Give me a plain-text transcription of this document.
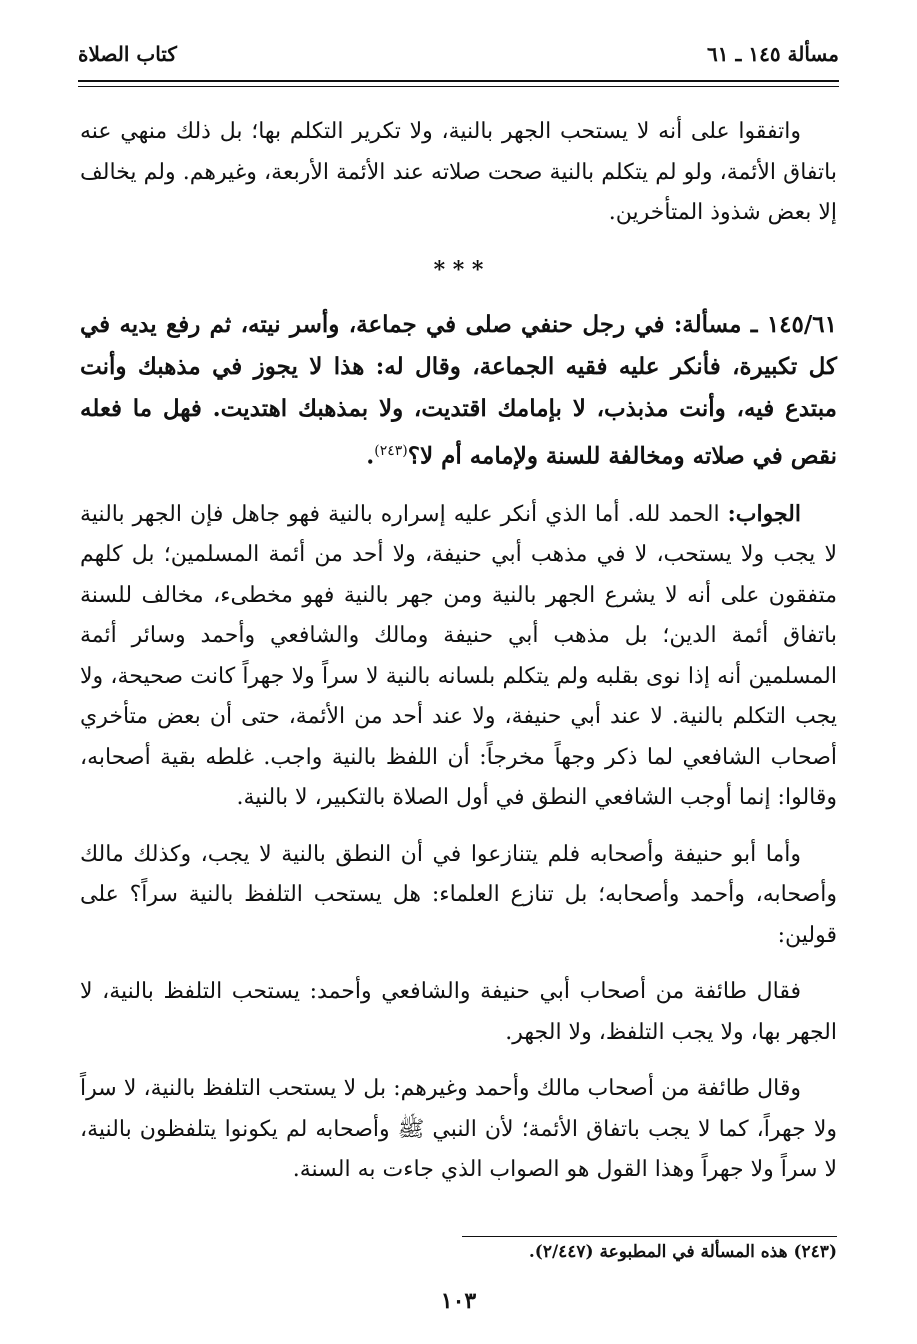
مسألة ١٤٥ ـ ٦١
كتاب الصلاة

واتفقوا على أنه لا يستحب الجهر بالنية، ولا تكرير التكلم بها؛ بل ذلك منهي عنه باتفاق الأئمة، ولو لم يتكلم بالنية صحت صلاته عند الأئمة الأربعة، وغيرهم. ولم يخالف إلا بعض شذوذ المتأخرين.

* * *

١٤٥/٦١ ـ مسألة: في رجل حنفي صلى في جماعة، وأسر نيته، ثم رفع يديه في كل تكبيرة، فأنكر عليه فقيه الجماعة، وقال له: هذا لا يجوز في مذهبك وأنت مبتدع فيه، وأنت مذبذب، لا بإمامك اقتديت، ولا بمذهبك اهتديت. فهل ما فعله نقص في صلاته ومخالفة للسنة ولإمامه أم لا؟$^{(٢٤٣)}$.

الجواب: الحمد لله. أما الذي أنكر عليه إسراره بالنية فهو جاهل فإن الجهر بالنية لا يجب ولا يستحب، لا في مذهب أبي حنيفة، ولا أحد من أئمة المسلمين؛ بل كلهم متفقون على أنه لا يشرع الجهر بالنية ومن جهر بالنية فهو مخطىء، مخالف للسنة باتفاق أئمة الدين؛ بل مذهب أبي حنيفة ومالك والشافعي وأحمد وسائر أئمة المسلمين أنه إذا نوى بقلبه ولم يتكلم بلسانه بالنية لا سراً ولا جهراً كانت صحيحة، ولا يجب التكلم بالنية. لا عند أبي حنيفة، ولا عند أحد من الأئمة، حتى أن بعض متأخري أصحاب الشافعي لما ذكر وجهاً مخرجاً: أن اللفظ بالنية واجب. غلطه بقية أصحابه، وقالوا: إنما أوجب الشافعي النطق في أول الصلاة بالتكبير، لا بالنية.

وأما أبو حنيفة وأصحابه فلم يتنازعوا في أن النطق بالنية لا يجب، وكذلك مالك وأصحابه، وأحمد وأصحابه؛ بل تنازع العلماء: هل يستحب التلفظ بالنية سراً؟ على قولين:

فقال طائفة من أصحاب أبي حنيفة والشافعي وأحمد: يستحب التلفظ بالنية، لا الجهر بها، ولا يجب التلفظ، ولا الجهر.

وقال طائفة من أصحاب مالك وأحمد وغيرهم: بل لا يستحب التلفظ بالنية، لا سراً ولا جهراً، كما لا يجب باتفاق الأئمة؛ لأن النبي ﷺ وأصحابه لم يكونوا يتلفظون بالنية، لا سراً ولا جهراً وهذا القول هو الصواب الذي جاءت به السنة.

(٢٤٣) هذه المسألة في المطبوعة (٢/٤٤٧).
١٠٣
